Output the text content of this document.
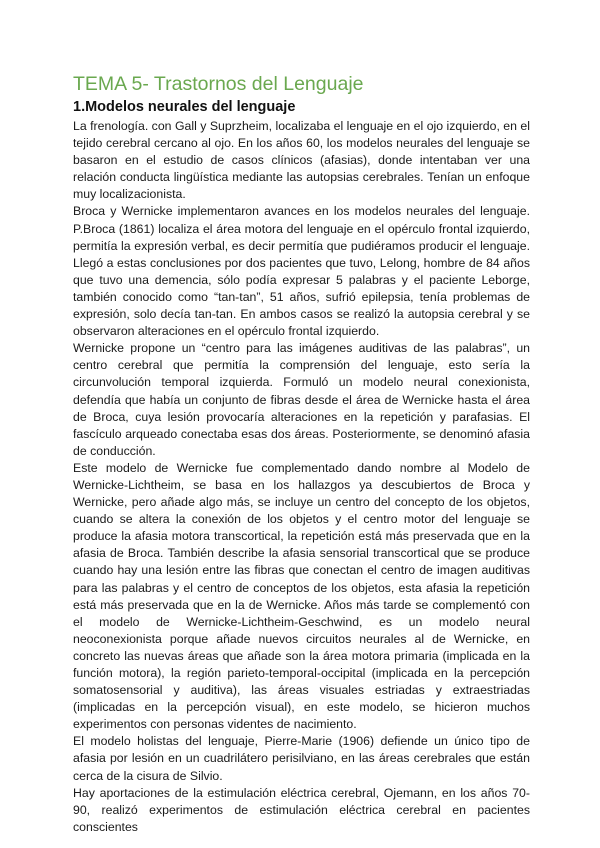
TEMA 5- Trastornos del Lenguaje
1.Modelos neurales del lenguaje

La frenología. con Gall y Suprzheim, localizaba el lenguaje en el ojo izquierdo, en el tejido cerebral cercano al ojo. En los años 60, los modelos neurales del lenguaje se basaron en el estudio de casos clínicos (afasias), donde intentaban ver una relación conducta lingüística mediante las autopsias cerebrales. Tenían un enfoque muy localizacionista.

Broca y Wernicke implementaron avances en los modelos neurales del lenguaje. P.Broca (1861) localiza el área motora del lenguaje en el opérculo frontal izquierdo, permitía la expresión verbal, es decir permitía que pudiéramos producir el lenguaje. Llegó a estas conclusiones por dos pacientes que tuvo, Lelong, hombre de 84 años que tuvo una demencia, sólo podía expresar 5 palabras y el paciente Leborge, también conocido como “tan-tan”, 51 años, sufrió epilepsia, tenía problemas de expresión, solo decía tan-tan. En ambos casos se realizó la autopsia cerebral y se observaron alteraciones en el opérculo frontal izquierdo.

Wernicke propone un “centro para las imágenes auditivas de las palabras”, un centro cerebral que permitía la comprensión del lenguaje, esto sería la circunvolución temporal izquierda. Formuló un modelo neural conexionista, defendía que había un conjunto de fibras desde el área de Wernicke hasta el área de Broca, cuya lesión provocaría alteraciones en la repetición y parafasias. El fascículo arqueado conectaba esas dos áreas. Posteriormente, se denominó afasia de conducción.

Este modelo de Wernicke fue complementado dando nombre al Modelo de Wernicke-Lichtheim, se basa en los hallazgos ya descubiertos de Broca y Wernicke, pero añade algo más, se incluye un centro del concepto de los objetos, cuando se altera la conexión de los objetos y el centro motor del lenguaje se produce la afasia motora transcortical, la repetición está más preservada que en la afasia de Broca. También describe la afasia sensorial transcortical que se produce cuando hay una lesión entre las fibras que conectan el centro de imagen auditivas para las palabras y el centro de conceptos de los objetos, esta afasia la repetición está más preservada que en la de Wernicke. Años más tarde se complementó con el modelo de Wernicke-Lichtheim-Geschwind, es un modelo neural neoconexionista porque añade nuevos circuitos neurales al de Wernicke, en concreto las nuevas áreas que añade son la área motora primaria (implicada en la función motora), la región parieto-temporal-occipital (implicada en la percepción somatosensorial y auditiva), las áreas visuales estriadas y extraestriadas (implicadas en la percepción visual), en este modelo, se hicieron muchos experimentos con personas videntes de nacimiento.

El modelo holistas del lenguaje, Pierre-Marie (1906) defiende un único tipo de afasia por lesión en un cuadrilátero perisilviano, en las áreas cerebrales que están cerca de la cisura de Silvio.

Hay aportaciones de la estimulación eléctrica cerebral, Ojemann, en los años 70-90, realizó experimentos de estimulación eléctrica cerebral en pacientes conscientes
